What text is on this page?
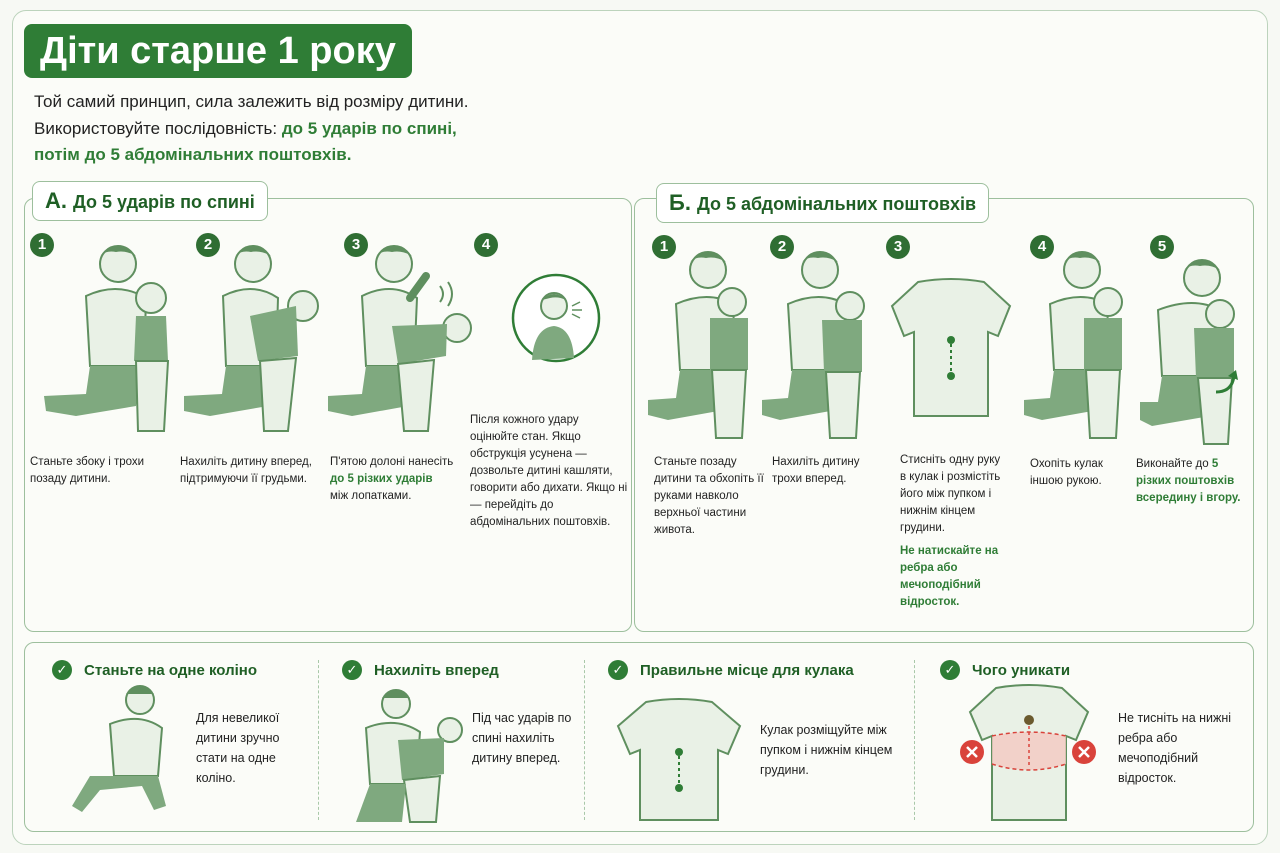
Діти старше 1 року
Той самий принцип, сила залежить від розміру дитини.
Використовуйте послідовність: до 5 ударів по спині,
потім до 5 абдомінальних поштовхів.
А. До 5 ударів по спині	Б. До 5 абдомінальних поштовхів
1
Станьте збоку і трохи позаду дитини.
2
Нахиліть дитину вперед, підтримуючи її грудьми.
3
П'ятою долоні нанесіть
до 5 різких ударів
між лопатками.
4
Після кожного удару оцінюйте стан. Якщо обструкція усунена — дозвольте дитині кашляти, говорити або дихати. Якщо ні — перейдіть до абдомінальних поштовхів.
1
Станьте позаду дитини та обхопіть її руками навколо верхньої частини живота.
2
Нахиліть дитину трохи вперед.
3
Стисніть одну руку в кулак і розмістіть його між пупком і нижнім кінцем грудини.
Не натискайте на ребра або мечоподібний відросток.
4
Охопіть кулак іншою рукою.
5
Виконайте до 5 різких поштовхів всередину і вгору.
✓	Станьте на одне коліно
Для невеликої дитини зручно стати на одне коліно.
✓	Нахиліть вперед
Під час ударів по спині нахиліть дитину вперед.
✓	Правильне місце для кулака
Кулак розміщуйте між пупком і нижнім кінцем грудини.
✓	Чого уникати
Не тисніть на нижні ребра або мечоподібний відросток.
